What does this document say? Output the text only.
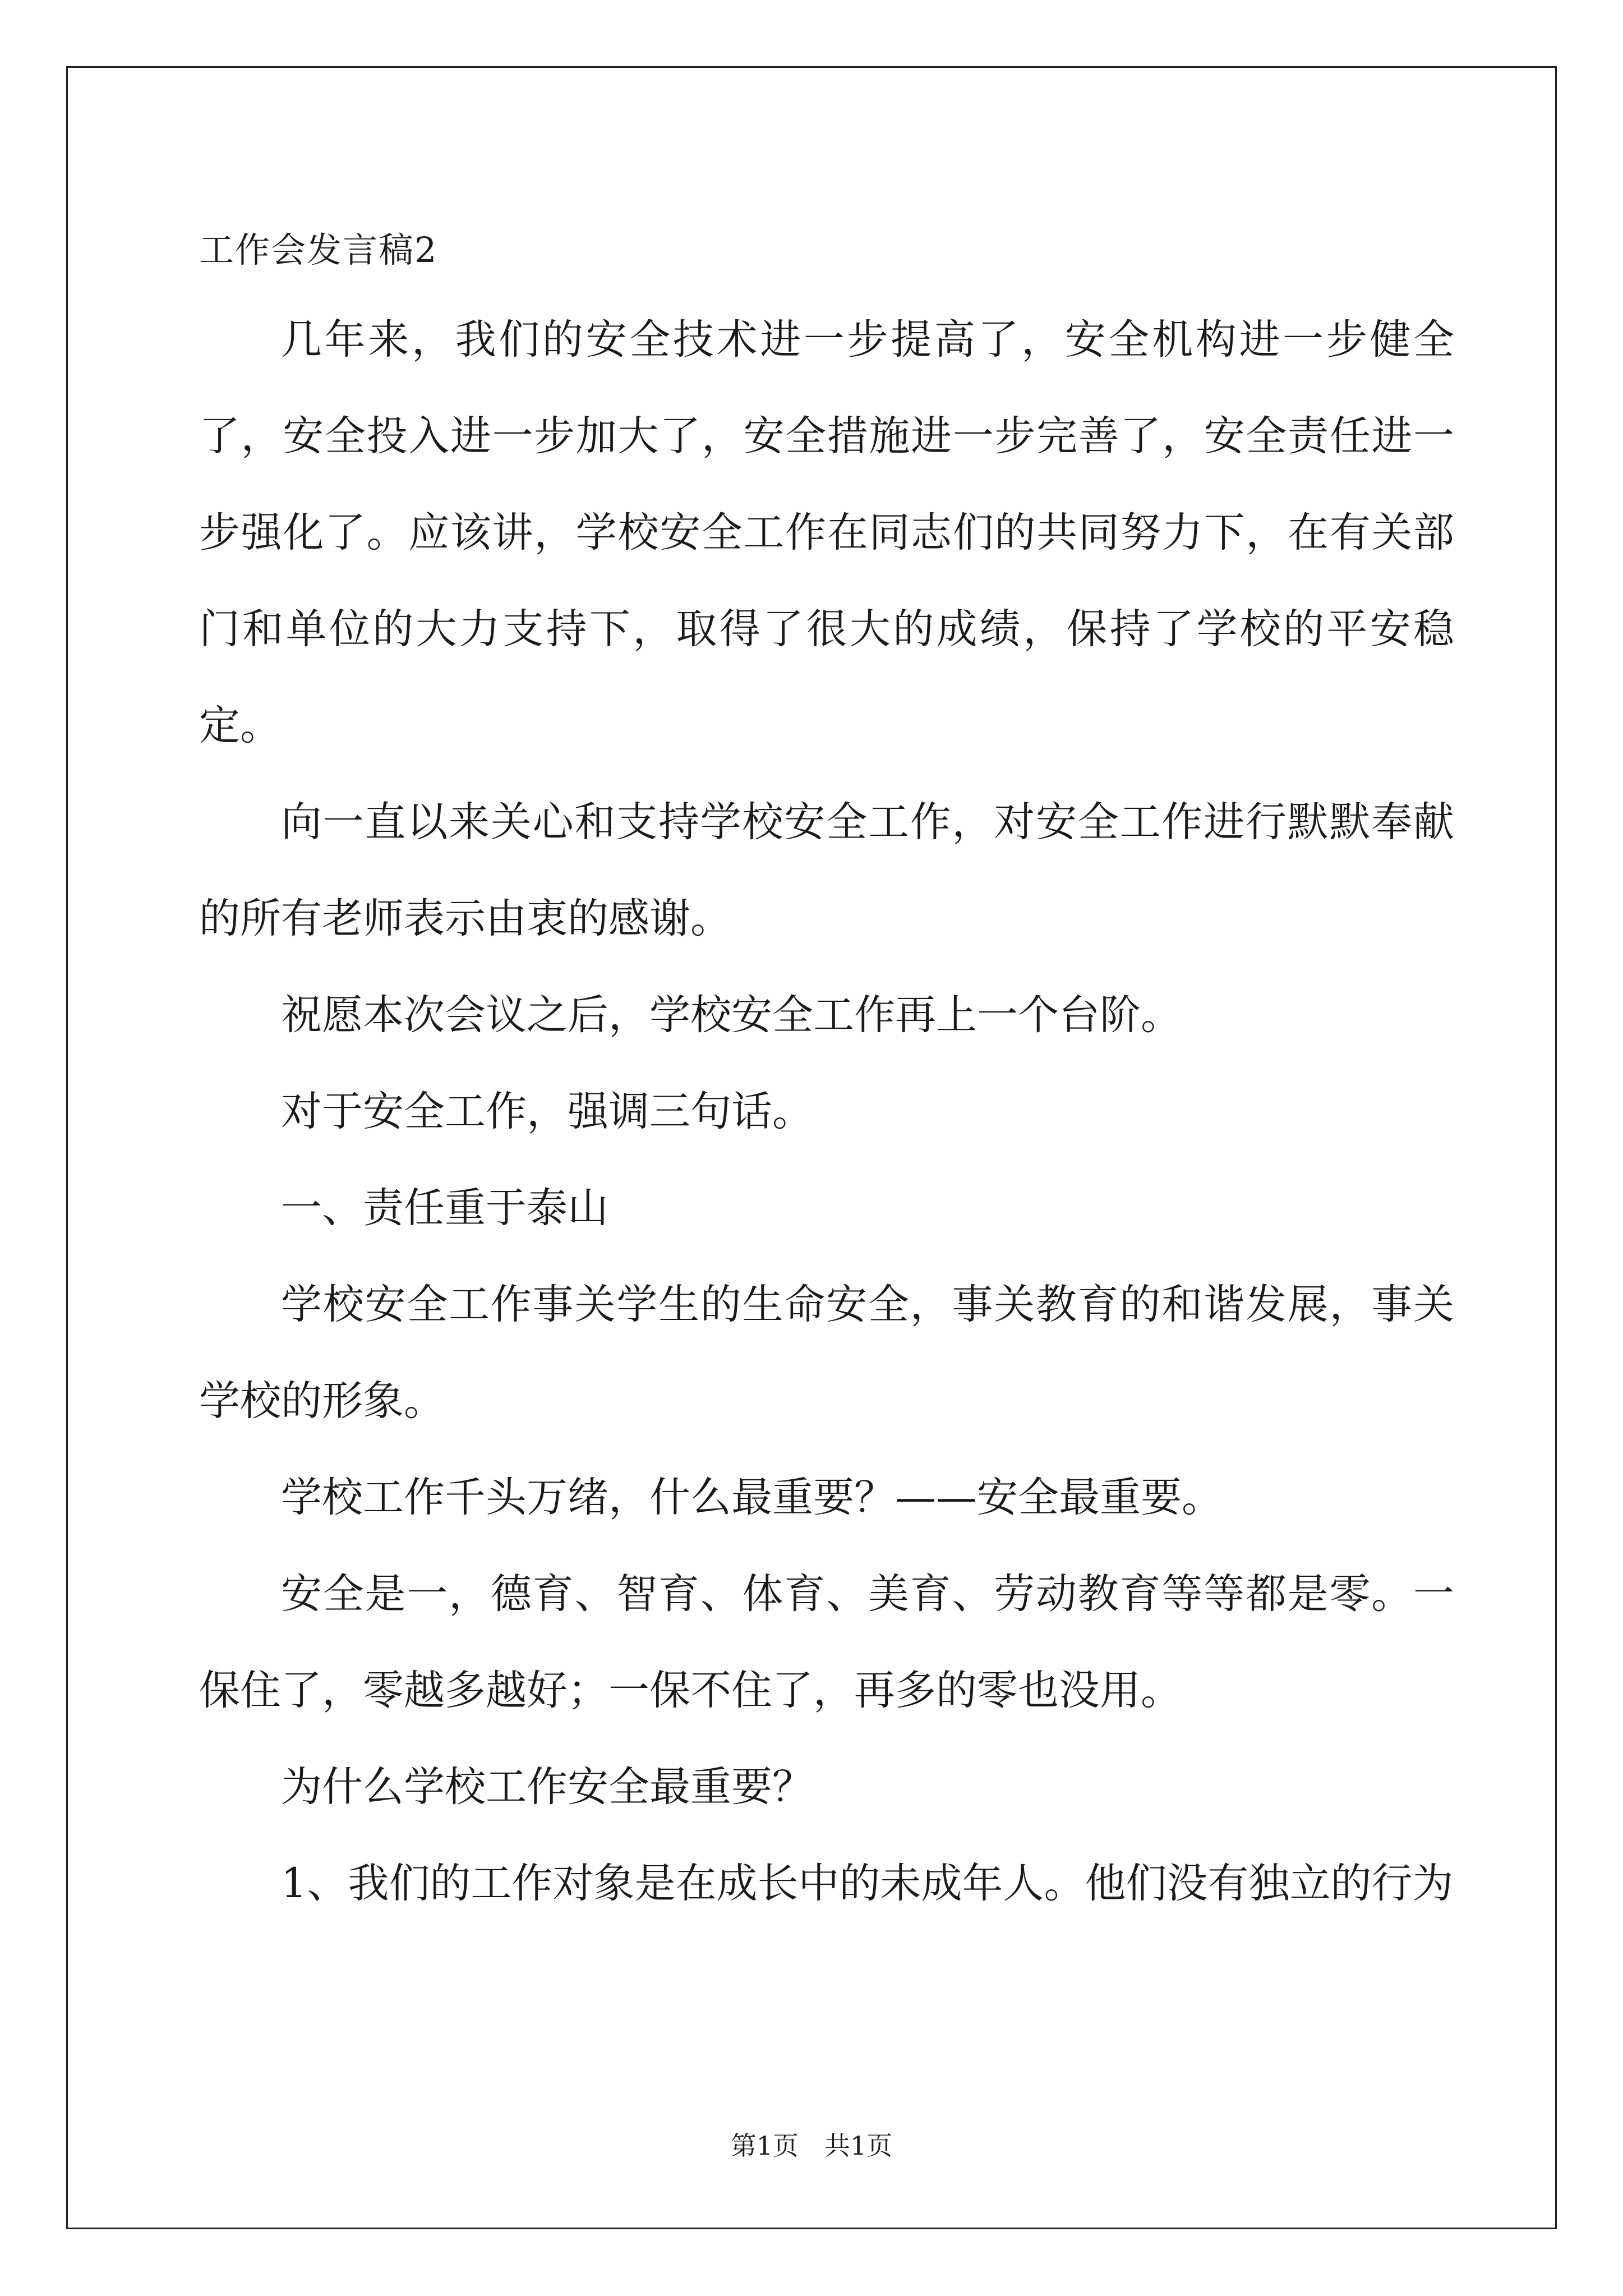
工作会发言稿2

几年来，我们的安全技术进一步提高了，安全机构进一步健全了，安全投入进一步加大了，安全措施进一步完善了，安全责任进一步强化了。应该讲，学校安全工作在同志们的共同努力下，在有关部门和单位的大力支持下，取得了很大的成绩，保持了学校的平安稳定。

向一直以来关心和支持学校安全工作，对安全工作进行默默奉献的所有老师表示由衷的感谢。

祝愿本次会议之后，学校安全工作再上一个台阶。

对于安全工作，强调三句话。

一、责任重于泰山

学校安全工作事关学生的生命安全，事关教育的和谐发展，事关学校的形象。

学校工作千头万绪，什么最重要？——安全最重要。

安全是一，德育、智育、体育、美育、劳动教育等等都是零。一保住了，零越多越好；一保不住了，再多的零也没用。

为什么学校工作安全最重要？

1、我们的工作对象是在成长中的未成年人。他们没有独立的行为

第1页　共1页
